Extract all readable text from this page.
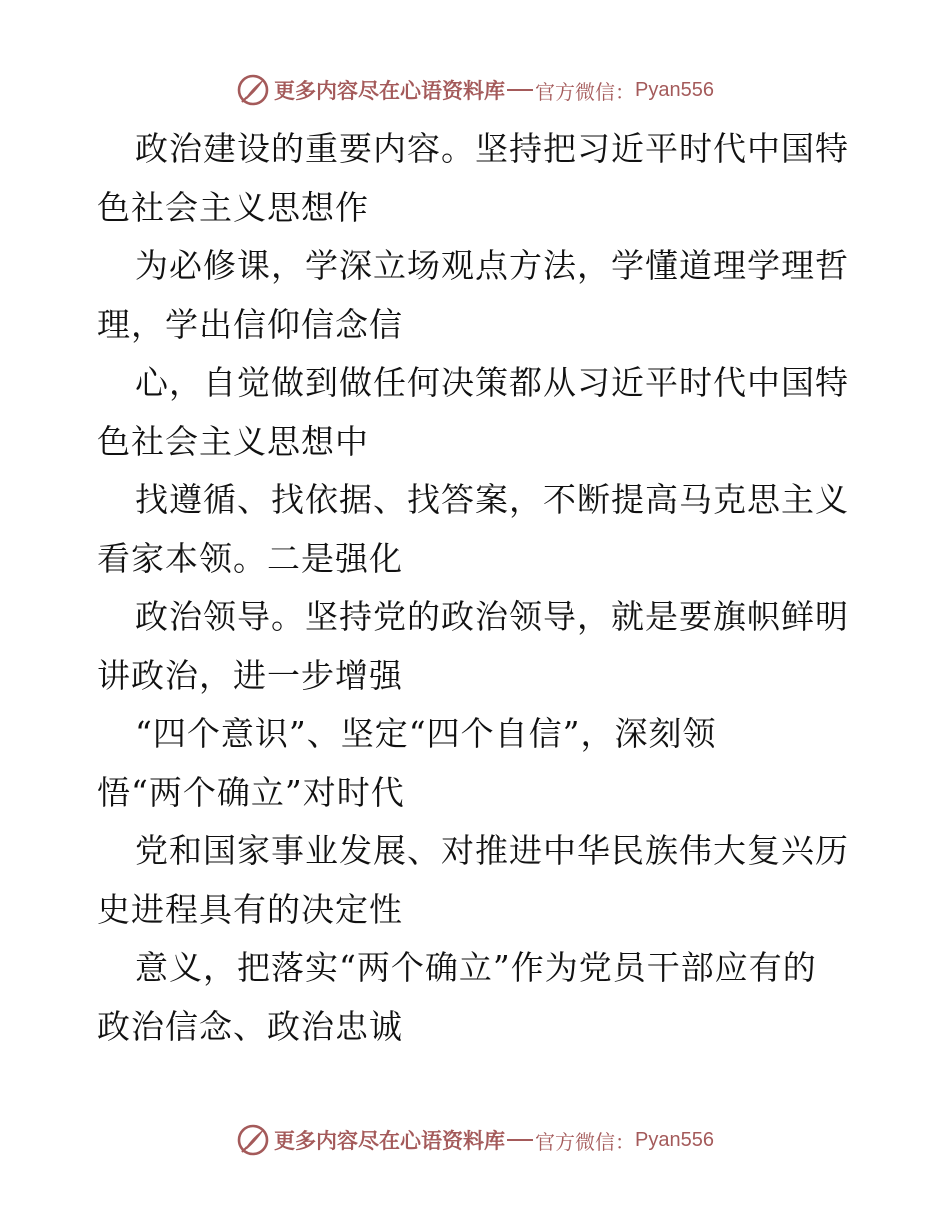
更多内容尽在心语资料库 官方微信： Pyan556
政治建设的重要内容。坚持把习近平时代中国特
色社会主义思想作
为必修课，学深立场观点方法，学懂道理学理哲
理，学出信仰信念信
心，自觉做到做任何决策都从习近平时代中国特
色社会主义思想中
找遵循、找依据、找答案，不断提高马克思主义
看家本领。二是强化
政治领导。坚持党的政治领导，就是要旗帜鲜明
讲政治，进一步增强
“四个意识”、坚定“四个自信”，深刻领
悟“两个确立”对时代
党和国家事业发展、对推进中华民族伟大复兴历
史进程具有的决定性
意义，把落实“两个确立”作为党员干部应有的
政治信念、政治忠诚
更多内容尽在心语资料库 官方微信： Pyan556
